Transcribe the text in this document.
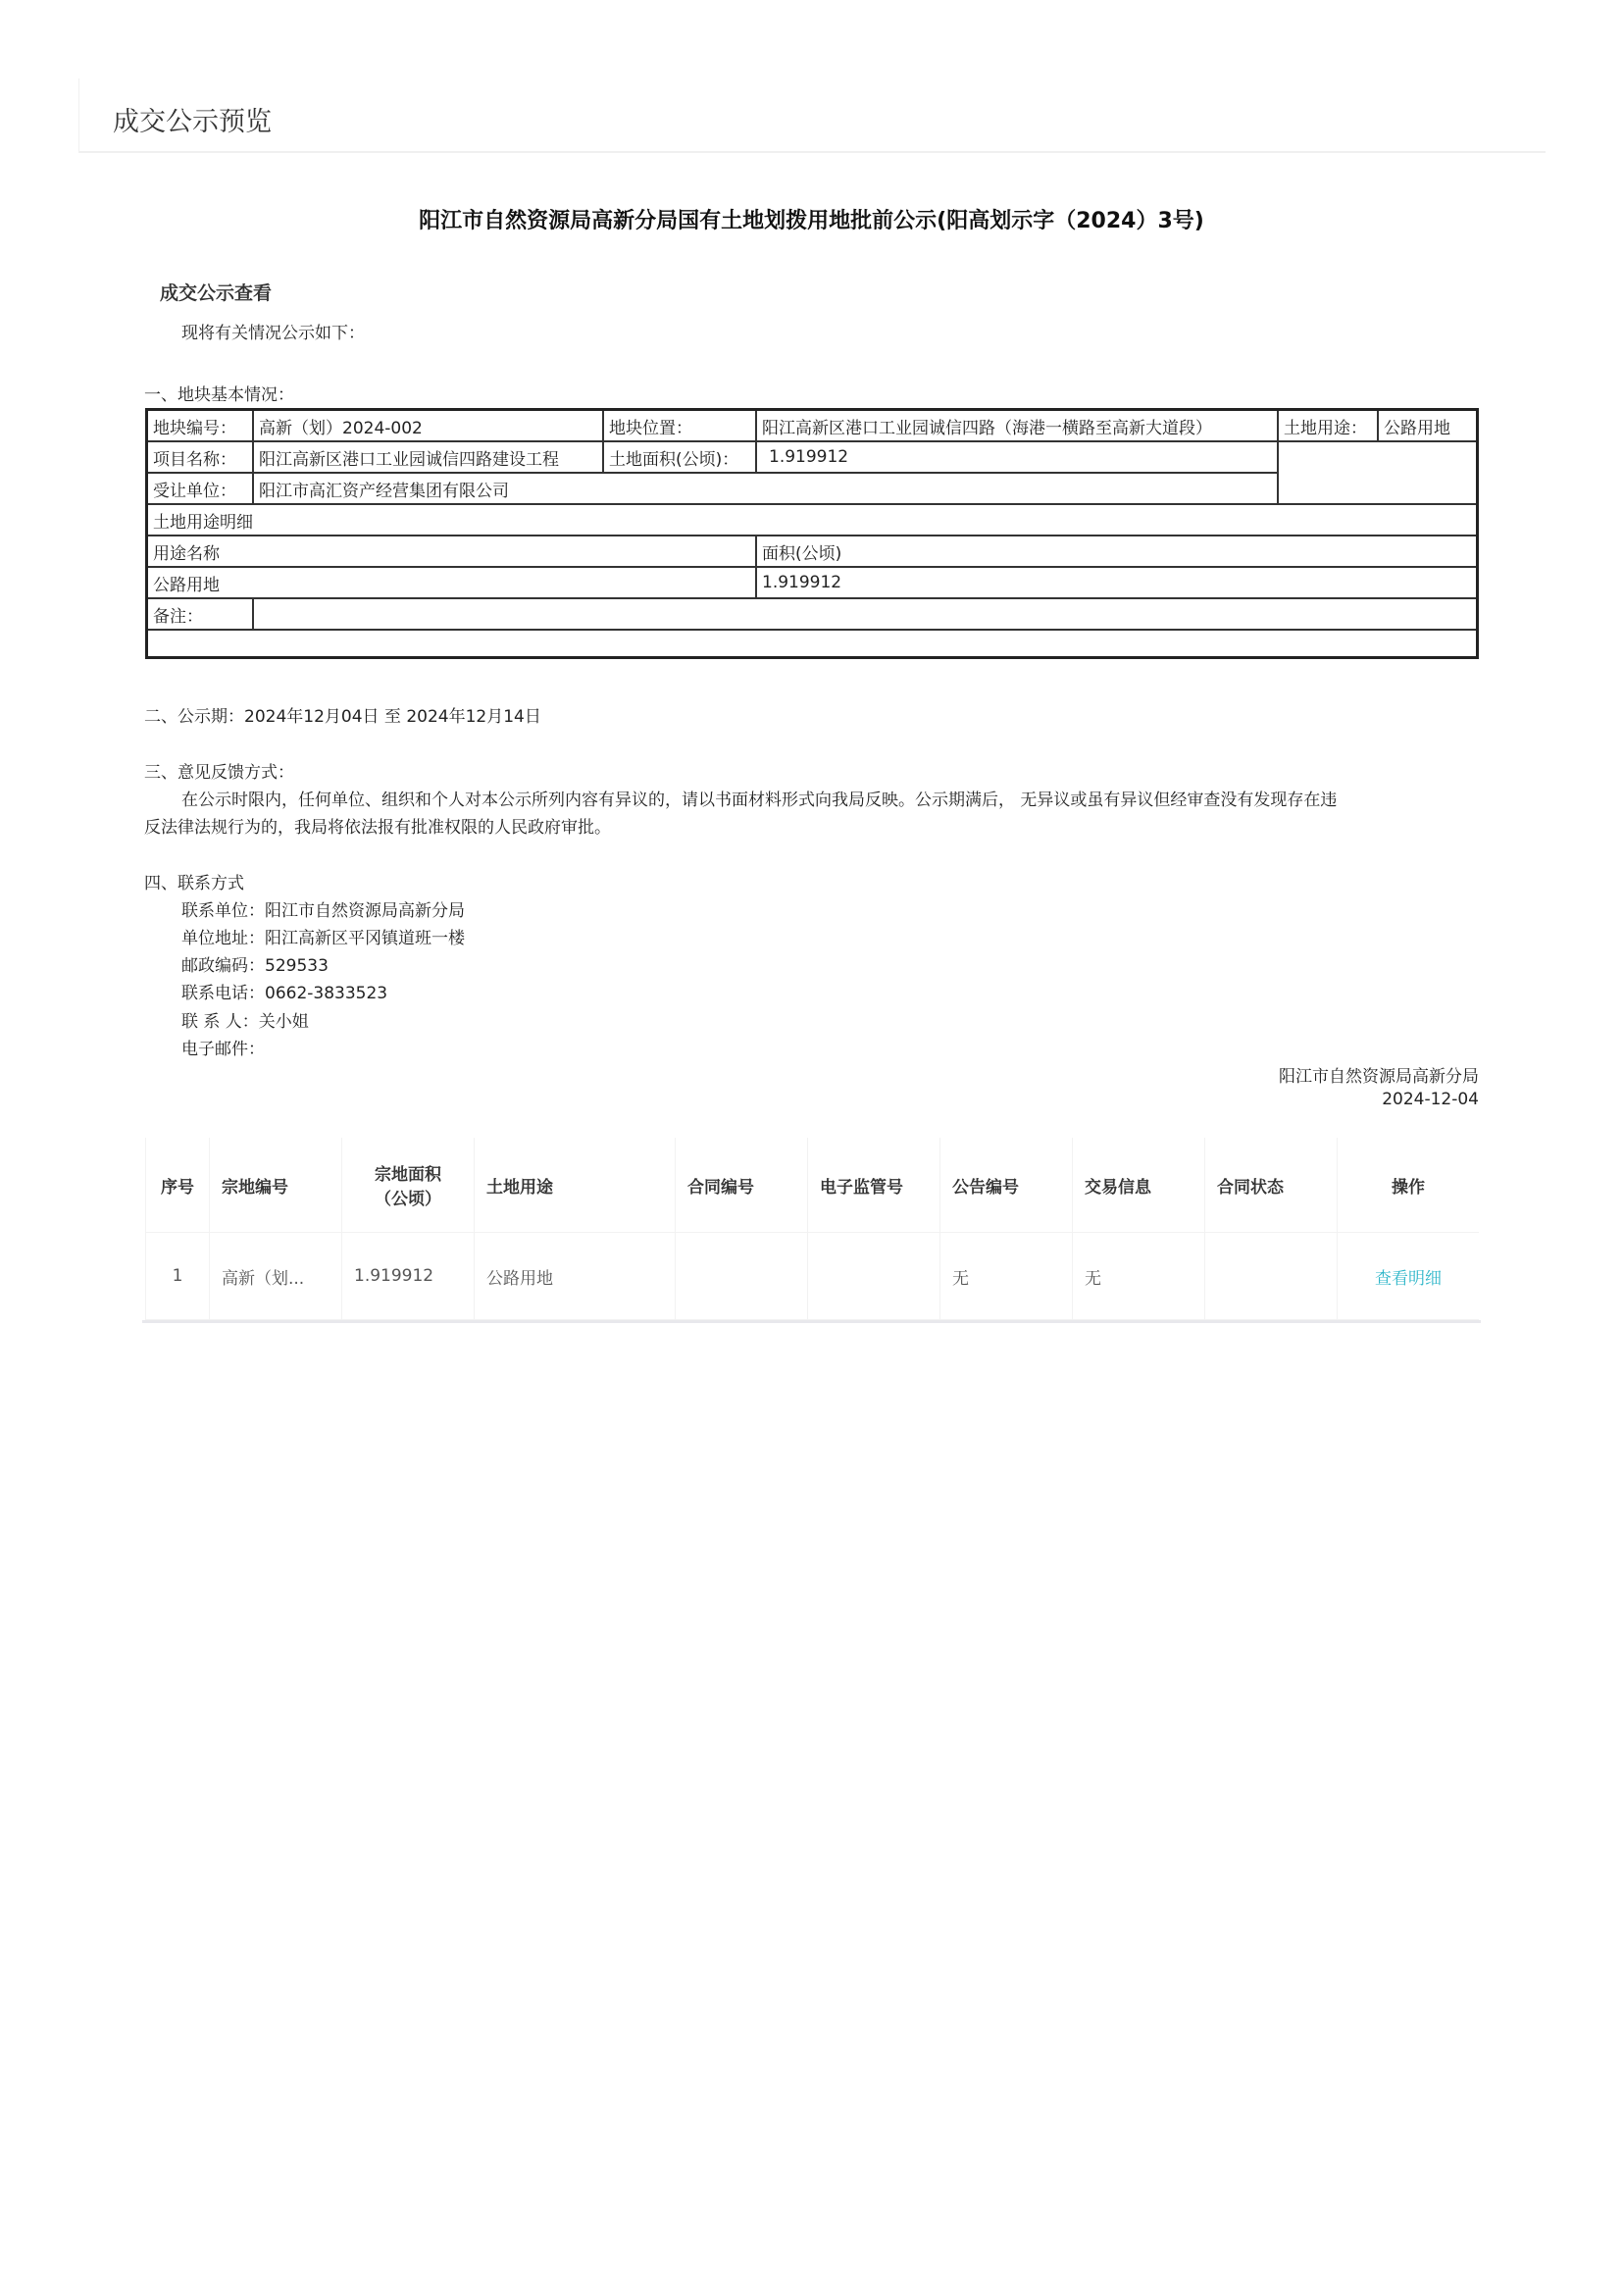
成交公示预览
阳江市自然资源局高新分局国有土地划拨用地批前公示(阳高划示字（2024）3号)
成交公示查看
现将有关情况公示如下：
一、地块基本情况：
地块编号：	高新（划）2024-002	地块位置：	阳江高新区港口工业园诚信四路（海港一横路至高新大道段）	土地用途：	公路用地
项目名称：	阳江高新区港口工业园诚信四路建设工程	土地面积(公顷)：	1.919912		
受让单位：	阳江市高汇资产经营集团有限公司				
土地用途明细					
用途名称			面积(公顷)		
公路用地			1.919912		
备注：					

二、公示期：2024年12月04日 至 2024年12月14日
三、意见反馈方式：
在公示时限内，任何单位、组织和个人对本公示所列内容有异议的，请以书面材料形式向我局反映。公示期满后， 无异议或虽有异议但经审查没有发现存在违
反法律法规行为的，我局将依法报有批准权限的人民政府审批。
四、联系方式
联系单位：阳江市自然资源局高新分局
单位地址：阳江高新区平冈镇道班一楼
邮政编码：529533
联系电话：0662-3833523
联 系 人：关小姐
电子邮件：
阳江市自然资源局高新分局
2024-12-04
序号	宗地编号	宗地面积
（公顷）	土地用途	合同编号	电子监管号	公告编号	交易信息	合同状态	操作
1	高新（划...	1.919912	公路用地			无	无		查看明细
